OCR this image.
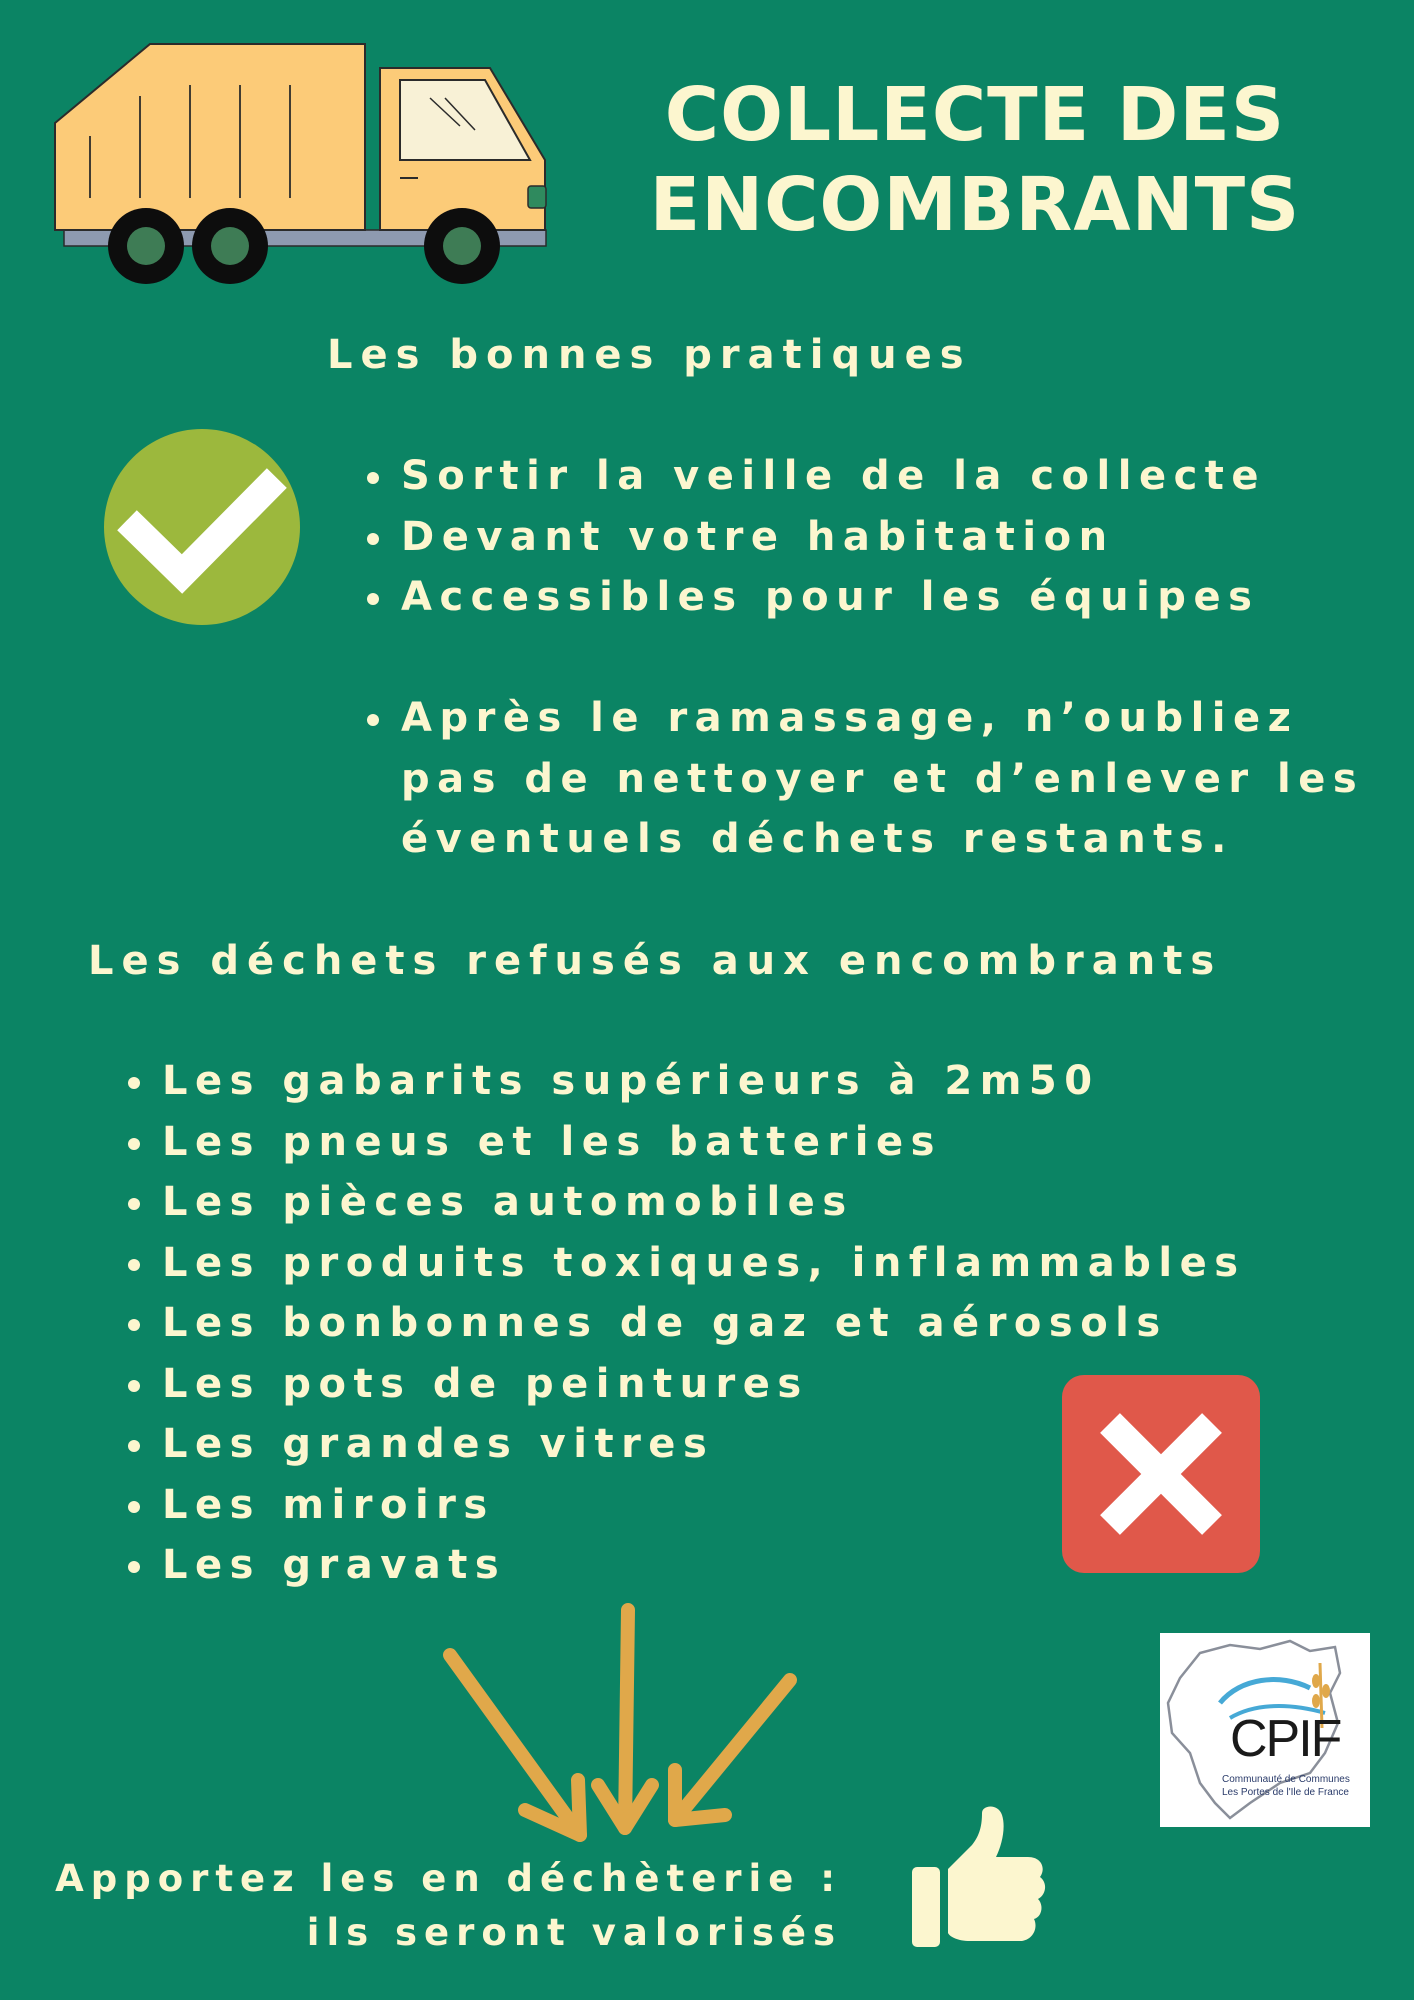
COLLECTE DES
ENCOMBRANTS
Les bonnes pratiques
Sortir la veille de la collecte
Devant votre habitation
Accessibles pour les équipes
Après le ramassage, n’oubliez
pas de nettoyer et d’enlever les
éventuels déchets restants.
Les déchets refusés aux encombrants
Les gabarits supérieurs à 2m50
Les pneus et les batteries
Les pièces automobiles
Les produits toxiques, inflammables
Les bonbonnes de gaz et aérosols
Les pots de peintures
Les grandes vitres
Les miroirs
Les gravats
CPIF
Communauté de Communes
Les Portes de l'Ile de France
Apportez les en déchèterie :
ils seront valorisés
